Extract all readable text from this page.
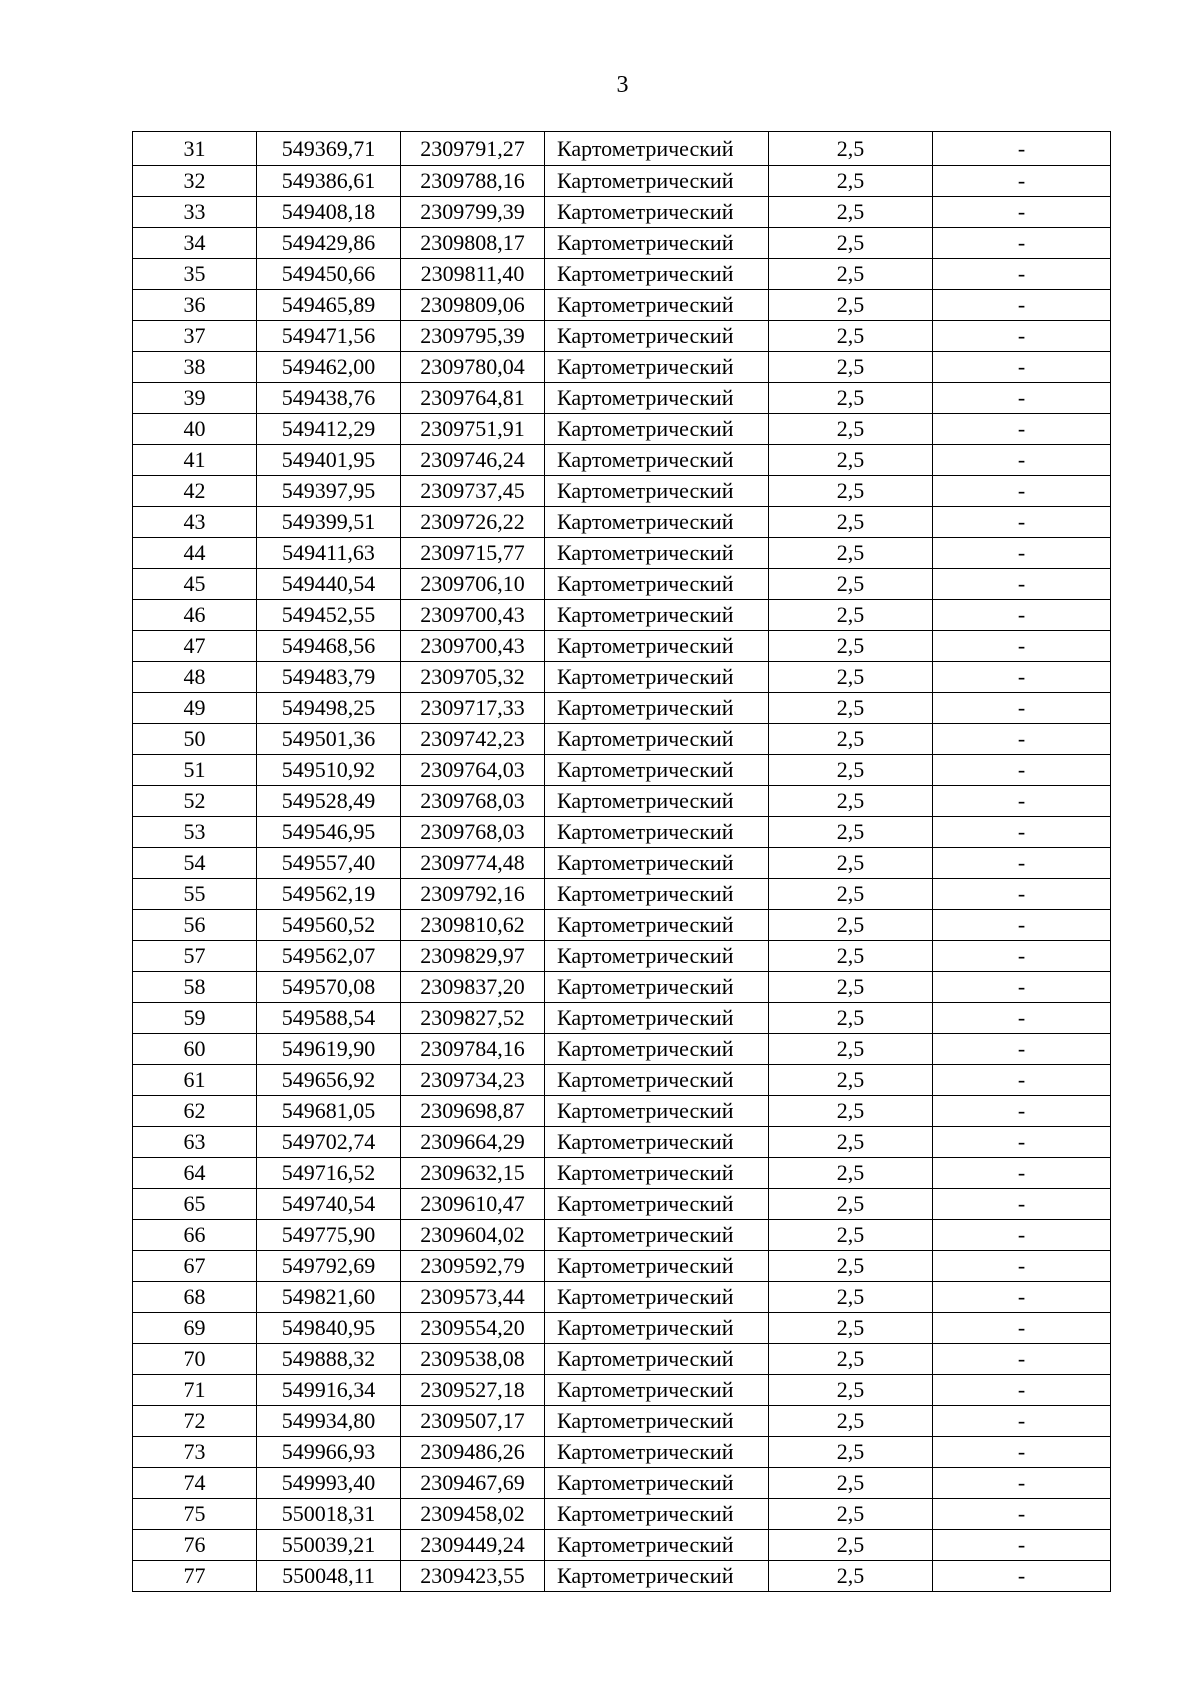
3
31	549369,71	2309791,27	Картометрический	2,5	-
32	549386,61	2309788,16	Картометрический	2,5	-
33	549408,18	2309799,39	Картометрический	2,5	-
34	549429,86	2309808,17	Картометрический	2,5	-
35	549450,66	2309811,40	Картометрический	2,5	-
36	549465,89	2309809,06	Картометрический	2,5	-
37	549471,56	2309795,39	Картометрический	2,5	-
38	549462,00	2309780,04	Картометрический	2,5	-
39	549438,76	2309764,81	Картометрический	2,5	-
40	549412,29	2309751,91	Картометрический	2,5	-
41	549401,95	2309746,24	Картометрический	2,5	-
42	549397,95	2309737,45	Картометрический	2,5	-
43	549399,51	2309726,22	Картометрический	2,5	-
44	549411,63	2309715,77	Картометрический	2,5	-
45	549440,54	2309706,10	Картометрический	2,5	-
46	549452,55	2309700,43	Картометрический	2,5	-
47	549468,56	2309700,43	Картометрический	2,5	-
48	549483,79	2309705,32	Картометрический	2,5	-
49	549498,25	2309717,33	Картометрический	2,5	-
50	549501,36	2309742,23	Картометрический	2,5	-
51	549510,92	2309764,03	Картометрический	2,5	-
52	549528,49	2309768,03	Картометрический	2,5	-
53	549546,95	2309768,03	Картометрический	2,5	-
54	549557,40	2309774,48	Картометрический	2,5	-
55	549562,19	2309792,16	Картометрический	2,5	-
56	549560,52	2309810,62	Картометрический	2,5	-
57	549562,07	2309829,97	Картометрический	2,5	-
58	549570,08	2309837,20	Картометрический	2,5	-
59	549588,54	2309827,52	Картометрический	2,5	-
60	549619,90	2309784,16	Картометрический	2,5	-
61	549656,92	2309734,23	Картометрический	2,5	-
62	549681,05	2309698,87	Картометрический	2,5	-
63	549702,74	2309664,29	Картометрический	2,5	-
64	549716,52	2309632,15	Картометрический	2,5	-
65	549740,54	2309610,47	Картометрический	2,5	-
66	549775,90	2309604,02	Картометрический	2,5	-
67	549792,69	2309592,79	Картометрический	2,5	-
68	549821,60	2309573,44	Картометрический	2,5	-
69	549840,95	2309554,20	Картометрический	2,5	-
70	549888,32	2309538,08	Картометрический	2,5	-
71	549916,34	2309527,18	Картометрический	2,5	-
72	549934,80	2309507,17	Картометрический	2,5	-
73	549966,93	2309486,26	Картометрический	2,5	-
74	549993,40	2309467,69	Картометрический	2,5	-
75	550018,31	2309458,02	Картометрический	2,5	-
76	550039,21	2309449,24	Картометрический	2,5	-
77	550048,11	2309423,55	Картометрический	2,5	-
